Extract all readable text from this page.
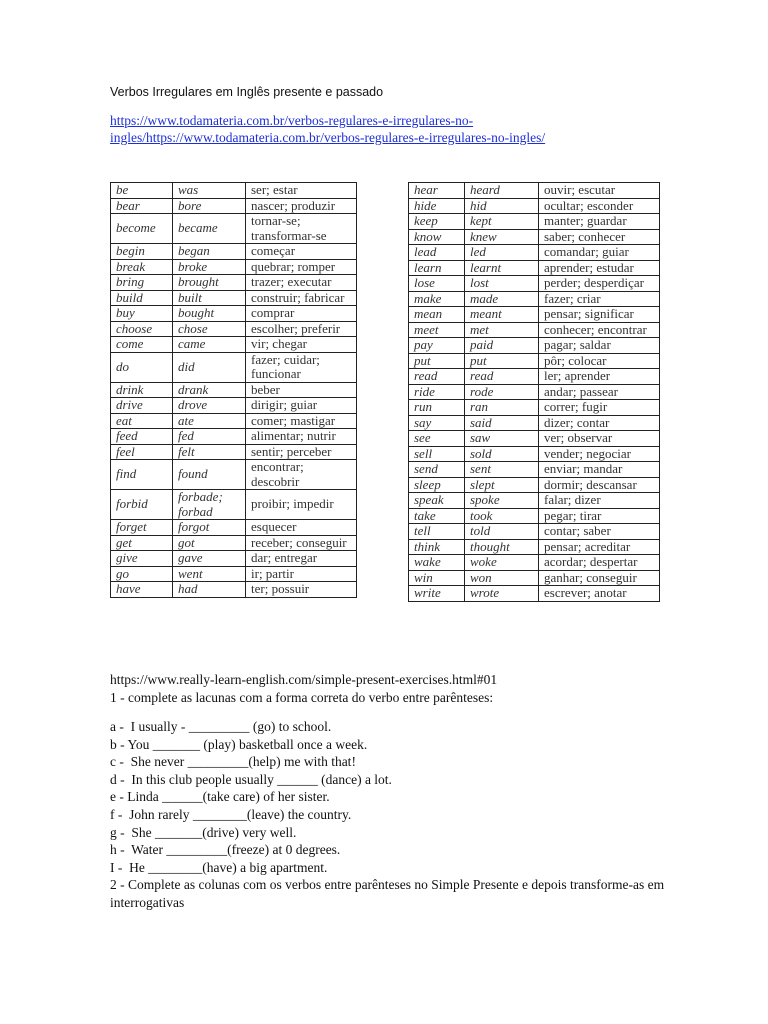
Verbos Irregulares em Inglês presente e passado
https://www.todamateria.com.br/verbos-regulares-e-irregulares-no-ingles/https://www.todamateria.com.br/verbos-regulares-e-irregulares-no-ingles/
be	was	ser; estar
bear	bore	nascer; produzir
become	became	tornar-se; transformar-se
begin	began	começar
break	broke	quebrar; romper
bring	brought	trazer; executar
build	built	construir; fabricar
buy	bought	comprar
choose	chose	escolher; preferir
come	came	vir; chegar
do	did	fazer; cuidar; funcionar
drink	drank	beber
drive	drove	dirigir; guiar
eat	ate	comer; mastigar
feed	fed	alimentar; nutrir
feel	felt	sentir; perceber
find	found	encontrar; descobrir
forbid	forbade; forbad	proibir; impedir
forget	forgot	esquecer
get	got	receber; conseguir
give	gave	dar; entregar
go	went	ir; partir
have	had	ter; possuir
hear	heard	ouvir; escutar
hide	hid	ocultar; esconder
keep	kept	manter; guardar
know	knew	saber; conhecer
lead	led	comandar; guiar
learn	learnt	aprender; estudar
lose	lost	perder; desperdiçar
make	made	fazer; criar
mean	meant	pensar; significar
meet	met	conhecer; encontrar
pay	paid	pagar; saldar
put	put	pôr; colocar
read	read	ler; aprender
ride	rode	andar; passear
run	ran	correr; fugir
say	said	dizer; contar
see	saw	ver; observar
sell	sold	vender; negociar
send	sent	enviar; mandar
sleep	slept	dormir; descansar
speak	spoke	falar; dizer
take	took	pegar; tirar
tell	told	contar; saber
think	thought	pensar; acreditar
wake	woke	acordar; despertar
win	won	ganhar; conseguir
write	wrote	escrever; anotar

https://www.really-learn-english.com/simple-present-exercises.html#01

1 - complete as lacunas com a forma correta do verbo entre parênteses:

a -  I usually - _________ (go) to school.
b - You _______ (play) basketball once a week.
c -  She never _________(help) me with that!
d -  In this club people usually ______ (dance) a lot.
e - Linda ______(take care) of her sister.
f -  John rarely ________(leave) the country.
g -  She _______(drive) very well.
h -  Water _________(freeze) at 0 degrees.
I -  He ________(have) a big apartment.

2 - Complete as colunas com os verbos entre parênteses no Simple Presente e depois transforme-as em interrogativas
